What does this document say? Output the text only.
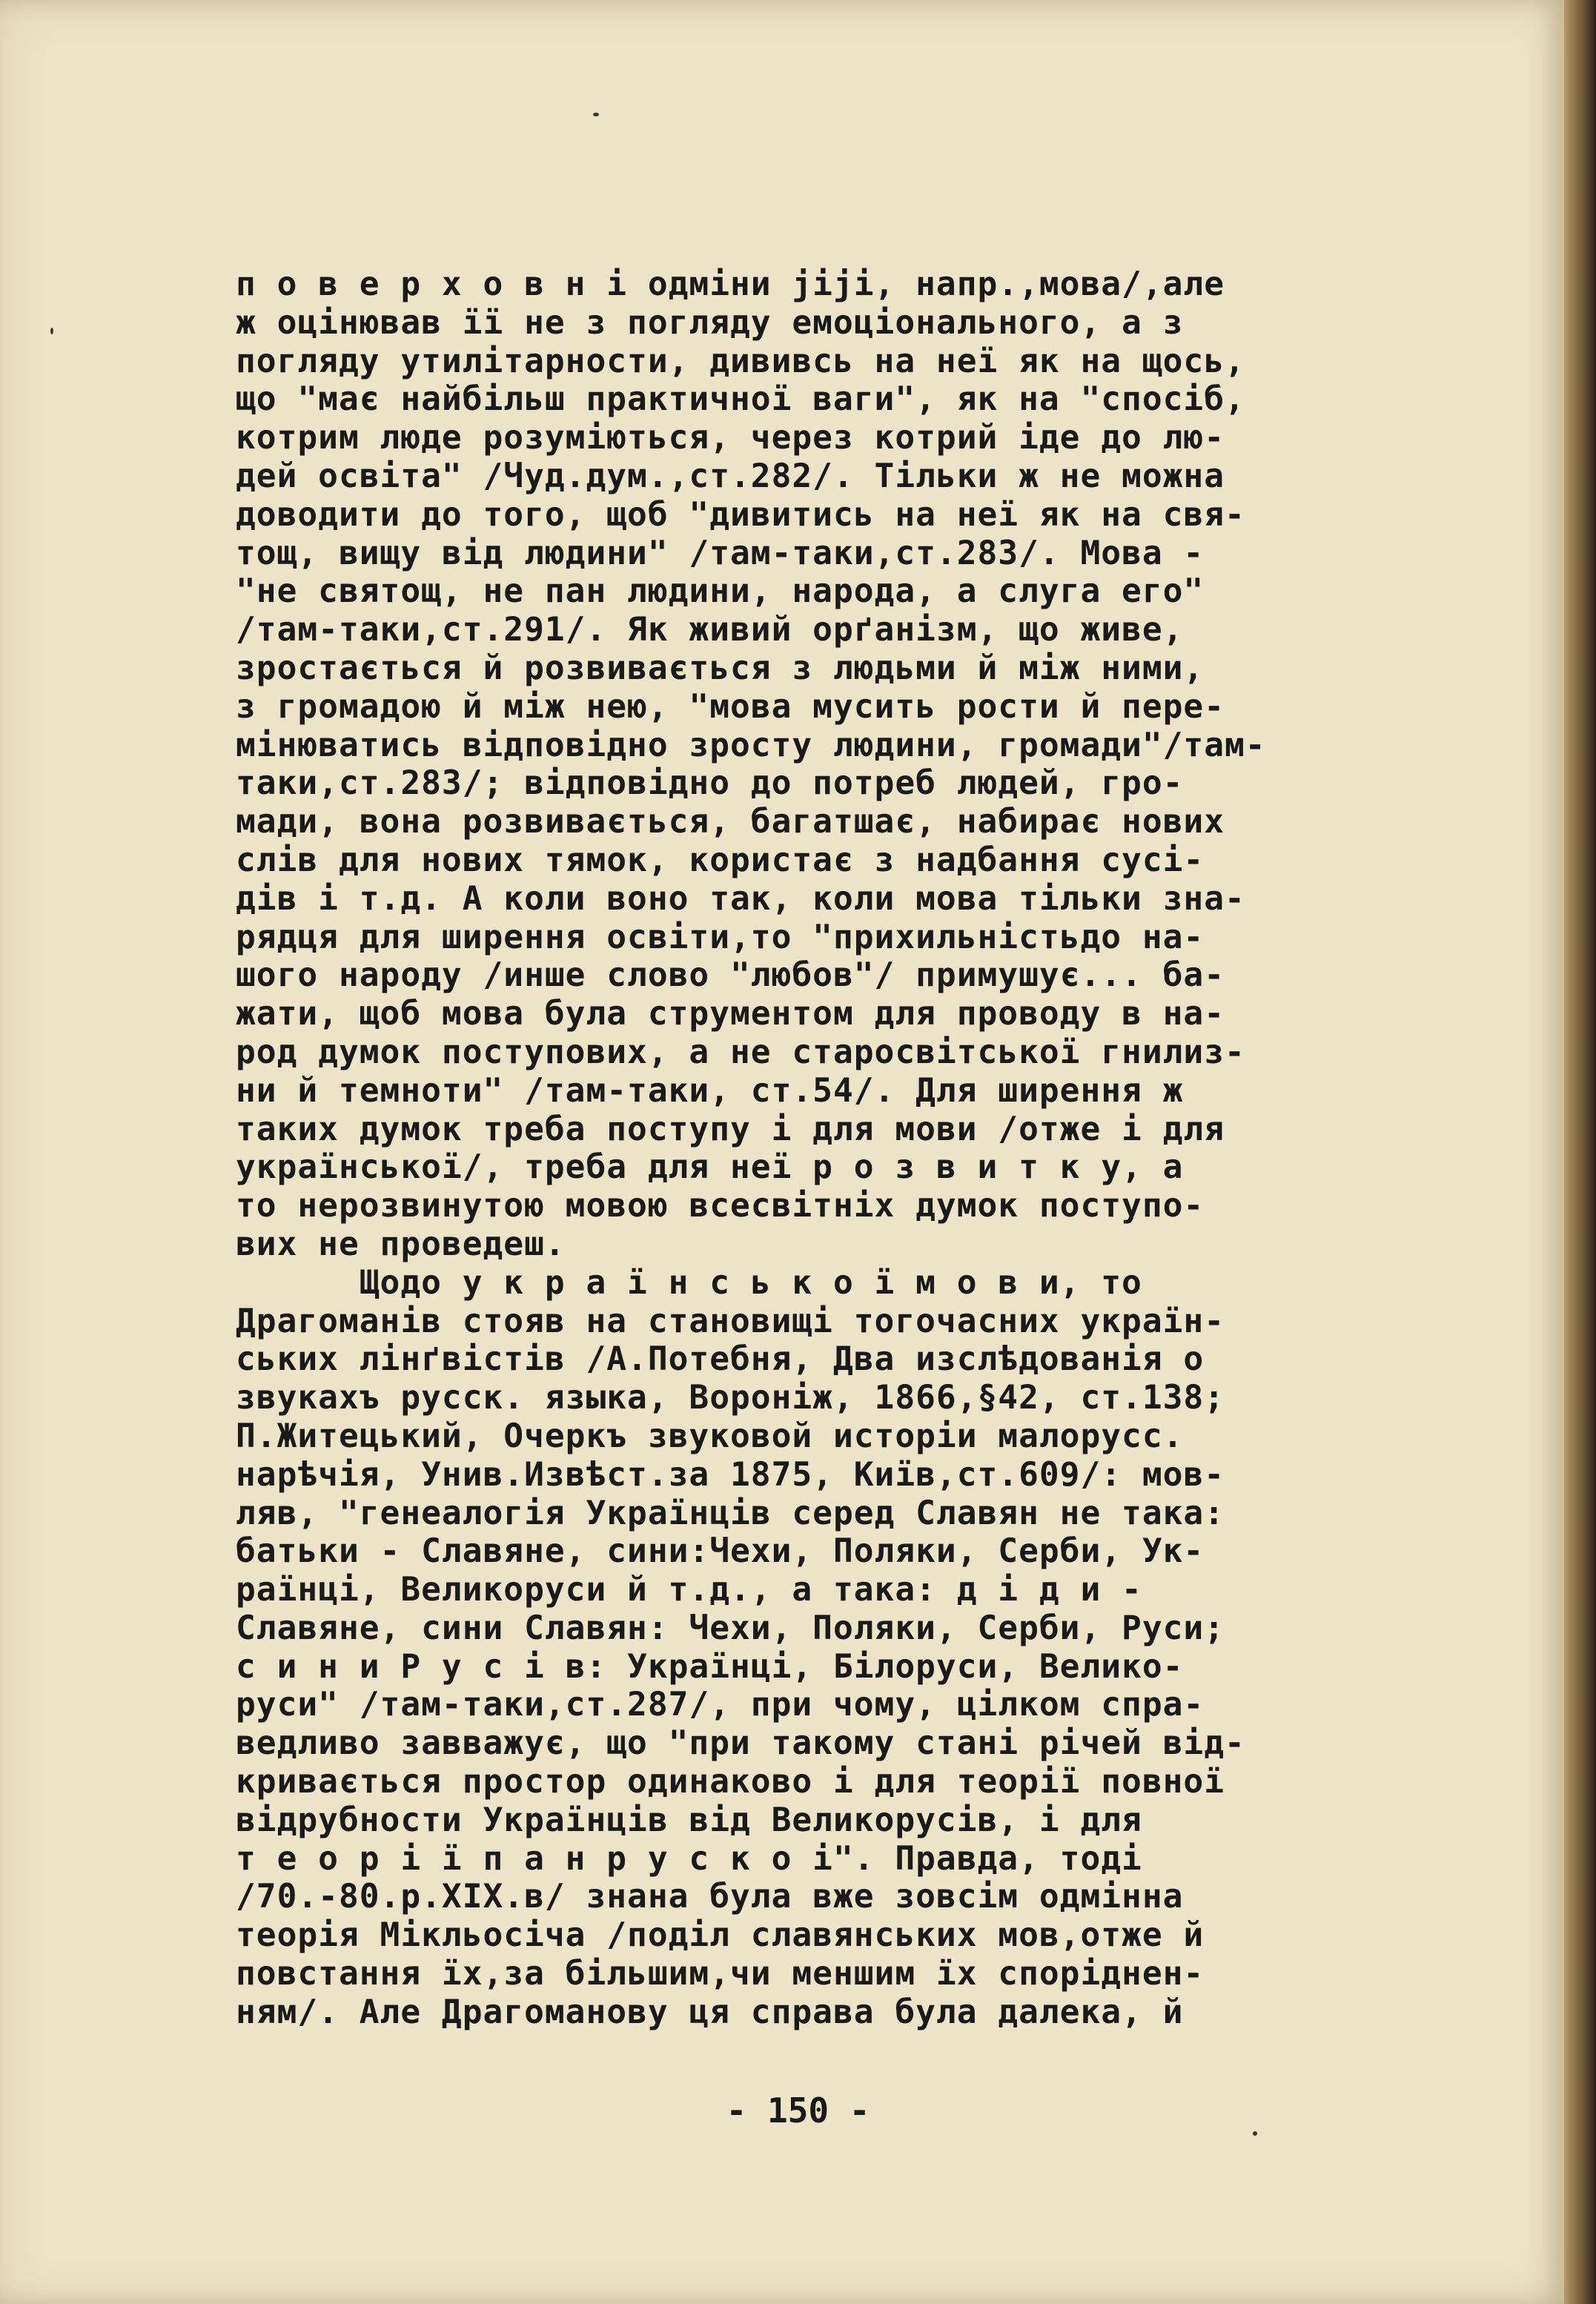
п о в е р х о в н і одміни јіјі, напр.,мова/,але
ж оцінював її не з погляду емоціонального, а з
погляду утилітарности, дививсь на неї як на щось,
що "має найбільш практичної ваги", як на "спосіб,
котрим люде розуміються, через котрий іде до лю-
дей освіта" /Чуд.дум.,ст.282/. Тільки ж не можна
доводити до того, щоб "дивитись на неї як на свя-
тощ, вищу від людини" /там-таки,ст.283/. Мова -
"не святощ, не пан людини, народа, а слуга его"
/там-таки,ст.291/. Як живий орґанізм, що живе,
зростається й розвивається з людьми й між ними,
з громадою й між нею, "мова мусить рости й пере-
мінюватись відповідно зросту людини, громади"/там-
таки,ст.283/; відповідно до потреб людей, гро-
мади, вона розвивається, багатшає, набирає нових
слів для нових тямок, користає з надбання сусі-
дів і т.д. А коли воно так, коли мова тільки зна-
рядця для ширення освіти,то "прихильністьдо на-
шого народу /инше слово "любов"/ примушує... ба-
жати, щоб мова була струментом для проводу в на-
род думок поступових, а не старосвітської гнилиз-
ни й темноти" /там-таки, ст.54/. Для ширення ж
таких думок треба поступу і для мови /отже і для
української/, треба для неї р о з в и т к у, а
то нерозвинутою мовою всесвітніх думок поступо-
вих не проведеш.
Щодо у к р а ї н с ь к о ї м о в и, то
Драгоманів стояв на становищі тогочасних україн-
ських лінґвістів /А.Потебня, Два изслѣдованія о
звукахъ русск. языка, Вороніж, 1866,§42, ст.138;
П.Житецький, Очеркъ звуковой исторіи малорусс.
нарѣчія, Унив.Извѣст.за 1875, Київ,ст.609/: мов-
ляв, "генеалогія Українців серед Славян не така:
батьки - Славяне, сини:Чехи, Поляки, Серби, Ук-
раїнці, Великоруси й т.д., а така: д і д и -
Славяне, сини Славян: Чехи, Поляки, Серби, Руси;
с и н и Р у с і в: Українці, Білоруси, Велико-
руси" /там-таки,ст.287/, при чому, цілком спра-
ведливо завважує, що "при такому стані річей від-
кривається простор одинаково і для теорії повної
відрубности Українців від Великорусів, і для
т е о р і ї п а н р у с к о і". Правда, тоді
/70.-80.р.XIX.в/ знана була вже зовсім одмінна
теорія Мікльосіча /поділ славянських мов,отже й
повстання їх,за більшим,чи меншим їх споріднен-
ням/. Але Драгоманову ця справа була далека, й
- 150 -
